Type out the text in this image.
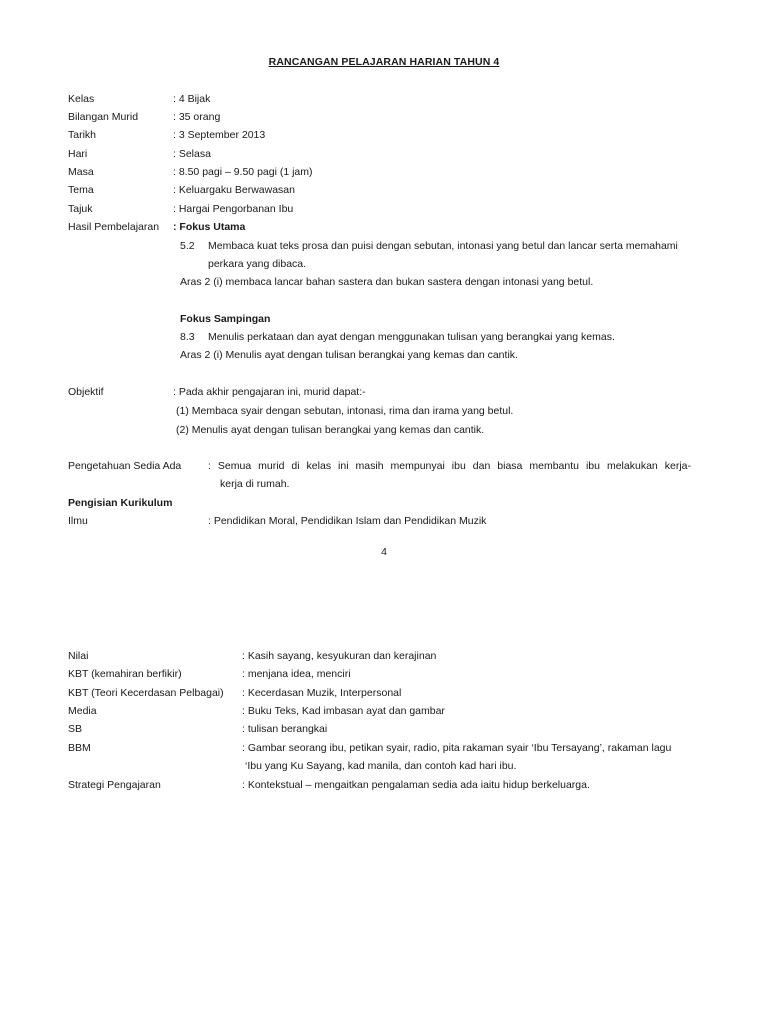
RANCANGAN PELAJARAN HARIAN TAHUN 4
Kelas	: 4 Bijak
Bilangan Murid	: 35 orang
Tarikh	: 3 September 2013
Hari	: Selasa
Masa	: 8.50 pagi – 9.50 pagi (1 jam)
Tema	: Keluargaku Berwawasan
Tajuk	: Hargai Pengorbanan Ibu
Hasil Pembelajaran : Fokus Utama
5.2 Membaca kuat teks prosa dan puisi dengan sebutan, intonasi yang betul dan lancar serta memahami
perkara yang dibaca.
Aras 2 (i) membaca lancar bahan sastera dan bukan sastera dengan intonasi yang betul.
Fokus Sampingan
8.3 Menulis perkataan dan ayat dengan menggunakan tulisan yang berangkai yang kemas.
Aras 2 (i) Menulis ayat dengan tulisan berangkai yang kemas dan cantik.
Objektif	: Pada akhir pengajaran ini, murid dapat:-
(1) Membaca syair dengan sebutan, intonasi, rima dan irama yang betul.
(2) Menulis ayat dengan tulisan berangkai yang kemas dan cantik.
Pengetahuan Sedia Ada	: Semua murid di kelas ini masih mempunyai ibu dan biasa membantu ibu melakukan kerja-
kerja di rumah.
Pengisian Kurikulum
Ilmu	: Pendidikan Moral, Pendidikan Islam dan Pendidikan Muzik
4
Nilai	: Kasih sayang, kesyukuran dan kerajinan
KBT (kemahiran berfikir)	: menjana idea, menciri
KBT (Teori Kecerdasan Pelbagai) : Kecerdasan Muzik, Interpersonal
Media	: Buku Teks, Kad imbasan ayat dan gambar
SB	: tulisan berangkai
BBM	: Gambar seorang ibu, petikan syair, radio, pita rakaman syair ‘Ibu Tersayang’, rakaman lagu
‘Ibu yang Ku Sayang, kad manila, dan contoh kad hari ibu.
Strategi Pengajaran	: Kontekstual – mengaitkan pengalaman sedia ada iaitu hidup berkeluarga.
